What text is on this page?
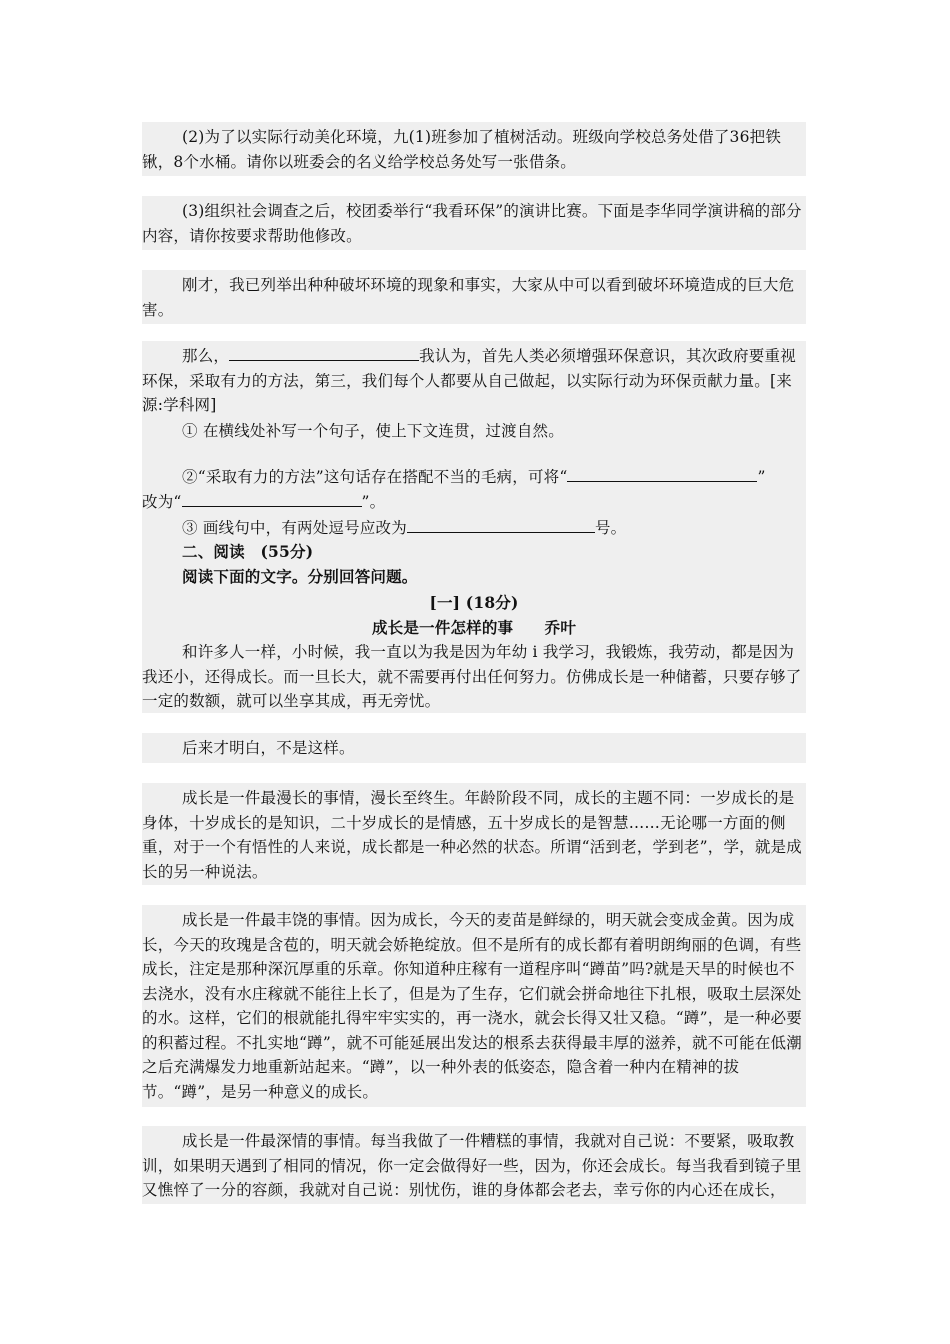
(2)为了以实际行动美化环境，九(1)班参加了植树活动。班级向学校总务处借了36把铁锹，8个水桶。请你以班委会的名义给学校总务处写一张借条。

(3)组织社会调查之后，校团委举行“我看环保”的演讲比赛。下面是李华同学演讲稿的部分内容，请你按要求帮助他修改。

刚才，我已列举出种种破坏环境的现象和事实，大家从中可以看到破坏环境造成的巨大危害。

那么，	我认为，首先人类必须增强环保意识，其次政府要重视环保，采取有力的方法，第三，我们每个人都要从自己做起，以实际行动为环保贡献力量。[来源:学科网]

① 在横线处补写一个句子，使上下文连贯，过渡自然。

②“采取有力的方法”这句话存在搭配不当的毛病，可将“	”

改为“	”。

③ 画线句中，有两处逗号应改为	号。

二、阅读　(55分)

阅读下面的文字。分别回答问题。

[一] (18分)

成长是一件怎样的事　　乔叶

和许多人一样，小时候，我一直以为我是因为年幼 i 我学习，我锻炼，我劳动，都是因为我还小，还得成长。而一旦长大，就不需要再付出任何努力。仿佛成长是一种储蓄，只要存够了一定的数额，就可以坐享其成，再无旁忧。

后来才明白，不是这样。

成长是一件最漫长的事情，漫长至终生。年龄阶段不同，成长的主题不同：一岁成长的是身体，十岁成长的是知识，二十岁成长的是情感，五十岁成长的是智慧……无论哪一方面的侧重，对于一个有悟性的人来说，成长都是一种必然的状态。所谓“活到老，学到老”，学，就是成长的另一种说法。

成长是一件最丰饶的事情。因为成长，今天的麦苗是鲜绿的，明天就会变成金黄。因为成长，今天的玫瑰是含苞的，明天就会娇艳绽放。但不是所有的成长都有着明朗绚丽的色调，有些成长，注定是那种深沉厚重的乐章。你知道种庄稼有一道程序叫“蹲苗”吗?就是天旱的时候也不去浇水，没有水庄稼就不能往上长了，但是为了生存，它们就会拼命地往下扎根，吸取土层深处的水。这样，它们的根就能扎得牢牢实实的，再一浇水，就会长得又壮又稳。“蹲”，是一种必要的积蓄过程。不扎实地“蹲”，就不可能延展出发达的根系去获得最丰厚的滋养，就不可能在低潮之后充满爆发力地重新站起来。“蹲”，以一种外表的低姿态，隐含着一种内在精神的拔节。“蹲”，是另一种意义的成长。

成长是一件最深情的事情。每当我做了一件糟糕的事情，我就对自己说：不要紧，吸取教训，如果明天遇到了相同的情况，你一定会做得好一些，因为，你还会成长。每当我看到镜子里又憔悴了一分的容颜，我就对自己说：别忧伤，谁的身体都会老去，幸亏你的内心还在成长，
